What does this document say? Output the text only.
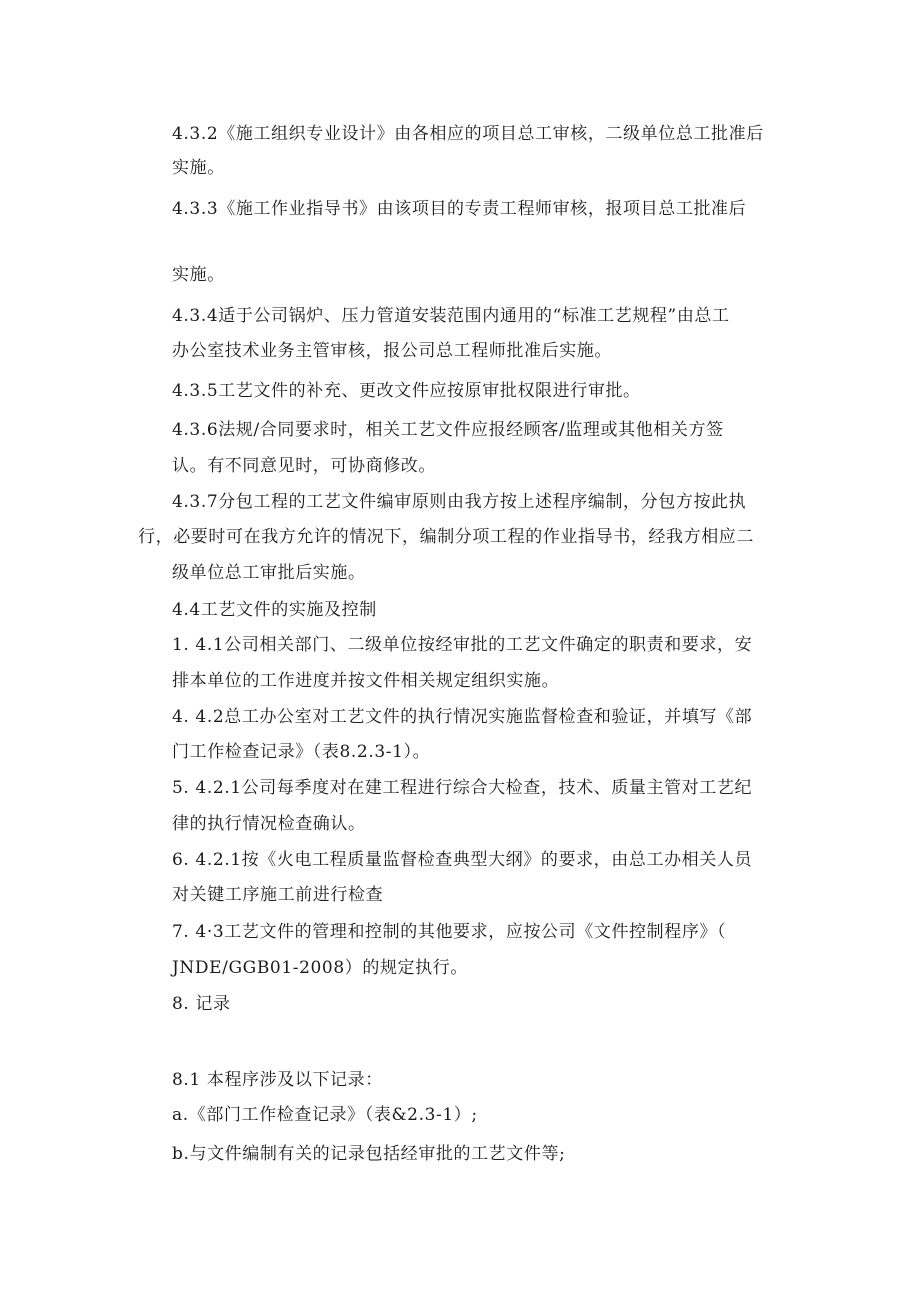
4.3.2《施工组织专业设计》由各相应的项目总工审核，二级单位总工批准后
实施。
4.3.3《施工作业指导书》由该项目的专责工程师审核，报项目总工批准后
实施。
4.3.4适于公司锅炉、压力管道安装范围内通用的“标准工艺规程”由总工
办公室技术业务主管审核，报公司总工程师批准后实施。
4.3.5工艺文件的补充、更改文件应按原审批权限进行审批。
4.3.6法规/合同要求时，相关工艺文件应报经顾客/监理或其他相关方签
认。有不同意见时，可协商修改。
4.3.7分包工程的工艺文件编审原则由我方按上述程序编制，分包方按此执
行，必要时可在我方允许的情况下，编制分项工程的作业指导书，经我方相应二
级单位总工审批后实施。
4.4工艺文件的实施及控制
1. 4.1公司相关部门、二级单位按经审批的工艺文件确定的职责和要求，安
排本单位的工作进度并按文件相关规定组织实施。
4. 4.2总工办公室对工艺文件的执行情况实施监督检查和验证，并填写《部
门工作检查记录》（表8.2.3-1）。
5. 4.2.1公司每季度对在建工程进行综合大检查，技术、质量主管对工艺纪
律的执行情况检查确认。
6. 4.2.1按《火电工程质量监督检查典型大纲》的要求，由总工办相关人员
对关键工序施工前进行检查
7. 4·3工艺文件的管理和控制的其他要求，应按公司《文件控制程序》（
JNDE/GGB01-2008）的规定执行。
8. 记录
8.1 本程序涉及以下记录：
a.《部门工作检查记录》（表&2.3-1）;
b.与文件编制有关的记录包括经审批的工艺文件等;
